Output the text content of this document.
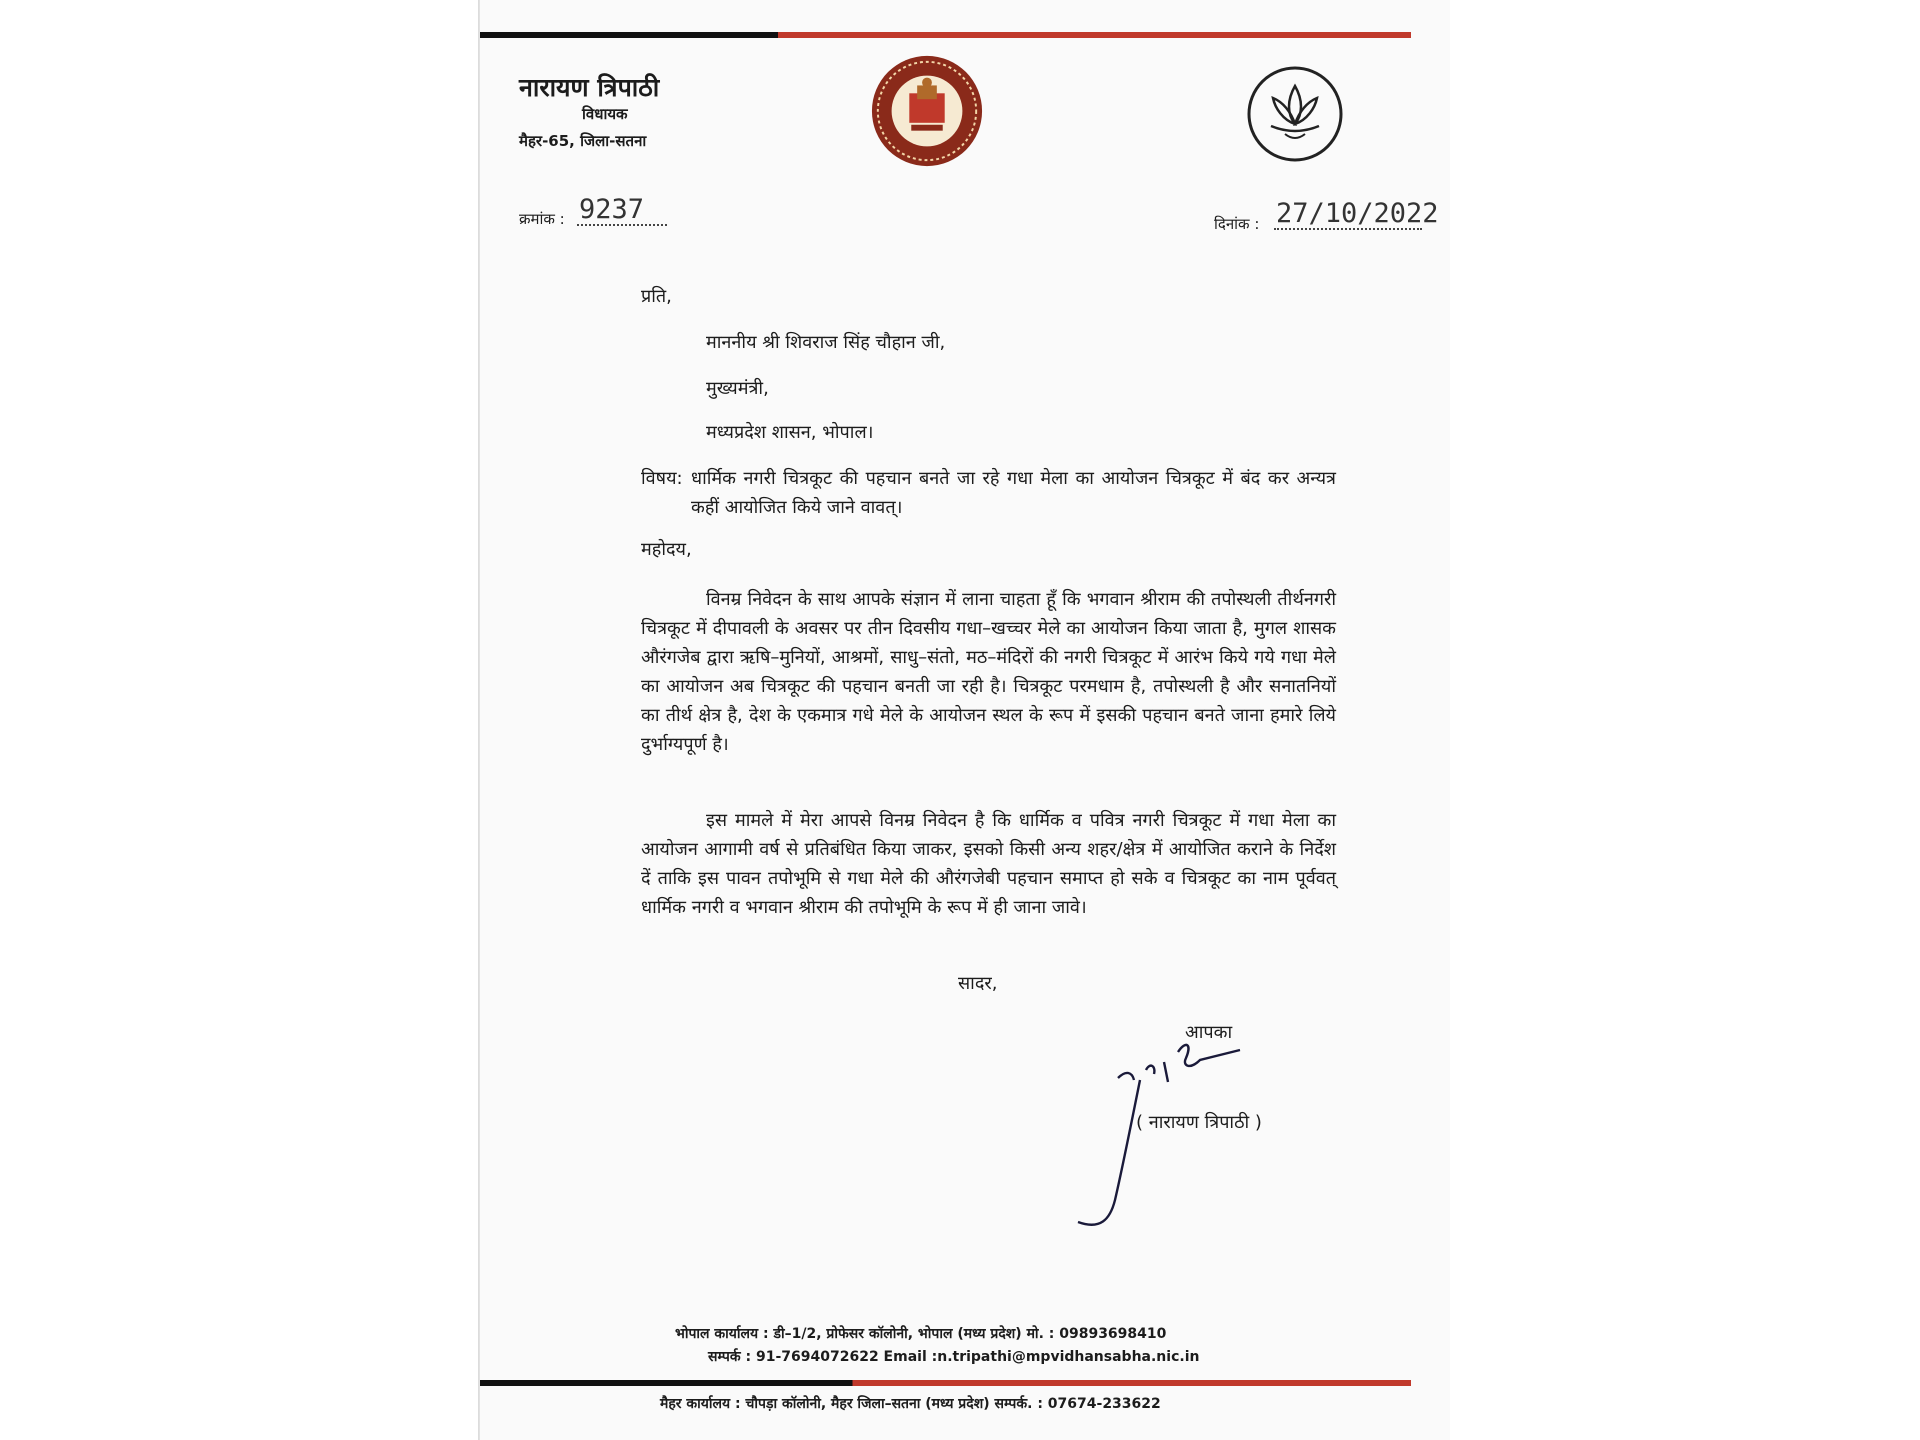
नारायण त्रिपाठी
विधायक
मैहर-65, जिला-सतना
क्रमांक : 9237	दिनांक : 27/10/2022
प्रति,
माननीय श्री शिवराज सिंह चौहान जी,
मुख्यमंत्री,
मध्यप्रदेश शासन, भोपाल।
विषय: धार्मिक नगरी चित्रकूट की पहचान बनते जा रहे गधा मेला का आयोजन चित्रकूट में बंद कर अन्यत्र कहीं आयोजित किये जाने वावत्।
महोदय,
विनम्र निवेदन के साथ आपके संज्ञान में लाना चाहता हूँ कि भगवान श्रीराम की तपोस्थली तीर्थनगरी चित्रकूट में दीपावली के अवसर पर तीन दिवसीय गधा–खच्चर मेले का आयोजन किया जाता है, मुगल शासक औरंगजेब द्वारा ऋषि–मुनियों, आश्रमों, साधु–संतो, मठ–मंदिरों की नगरी चित्रकूट में आरंभ किये गये गधा मेले का आयोजन अब चित्रकूट की पहचान बनती जा रही है। चित्रकूट परमधाम है, तपोस्थली है और सनातनियों का तीर्थ क्षेत्र है, देश के एकमात्र गधे मेले के आयोजन स्थल के रूप में इसकी पहचान बनते जाना हमारे लिये दुर्भाग्यपूर्ण है।
इस मामले में मेरा आपसे विनम्र निवेदन है कि धार्मिक व पवित्र नगरी चित्रकूट में गधा मेला का आयोजन आगामी वर्ष से प्रतिबंधित किया जाकर, इसको किसी अन्य शहर/क्षेत्र में आयोजित कराने के निर्देश दें ताकि इस पावन तपोभूमि से गधा मेले की औरंगजेबी पहचान समाप्त हो सके व चित्रकूट का नाम पूर्ववत् धार्मिक नगरी व भगवान श्रीराम की तपोभूमि के रूप में ही जाना जावे।
सादर,
आपका
( नारायण त्रिपाठी )
भोपाल कार्यालय : डी–1/2, प्रोफेसर कॉलोनी, भोपाल (मध्य प्रदेश) मो. : 09893698410
सम्पर्क : 91-7694072622 Email :n.tripathi@mpvidhansabha.nic.in
मैहर कार्यालय : चौपड़ा कॉलोनी, मैहर जिला–सतना (मध्य प्रदेश) सम्पर्क. : 07674-233622
